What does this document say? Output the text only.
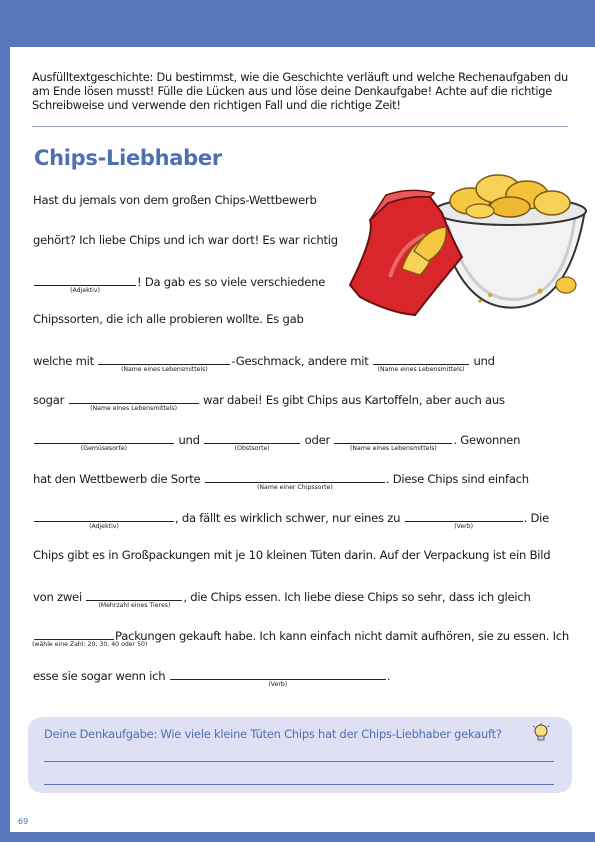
Ausfülltextgeschichte: Du bestimmst, wie die Geschichte verläuft und welche Rechenaufgaben du am Ende lösen musst! Fülle die Lücken aus und löse deine Denkaufgabe! Achte auf die richtige Schreibweise und verwende den richtigen Fall und die richtige Zeit!
Chips-Liebhaber
Hast du jemals von dem großen Chips-Wettbewerb
gehört? Ich liebe Chips und ich war dort! Es war richtig
(Adjektiv)
! Da gab es so viele verschiedene
Chipssorten, die ich alle probieren wollte. Es gab
welche mit
(Name eines Lebensmittels)
-Geschmack, andere mit
(Name eines Lebensmittels)
und
sogar
(Name eines Lebensmittels)
war dabei! Es gibt Chips aus Kartoffeln, aber auch aus
(Gemüsesorte)
und
(Obstsorte)
oder
(Name eines Lebensmittels)
. Gewonnen
hat den Wettbewerb die Sorte
(Name einer Chipssorte)
. Diese Chips sind einfach
(Adjektiv)
, da fällt es wirklich schwer, nur eines zu
(Verb)
. Die
Chips gibt es in Großpackungen mit je 10 kleinen Tüten darin. Auf der Verpackung ist ein Bild
von zwei
(Mehrzahl eines Tieres)
, die Chips essen. Ich liebe diese Chips so sehr, dass ich gleich
(wähle eine Zahl: 20, 30, 40 oder 50)
Packungen gekauft habe. Ich kann einfach nicht damit aufhören, sie zu essen. Ich
esse sie sogar wenn ich
(Verb)
.
Deine Denkaufgabe: Wie viele kleine Tüten Chips hat der Chips-Liebhaber gekauft?
69
